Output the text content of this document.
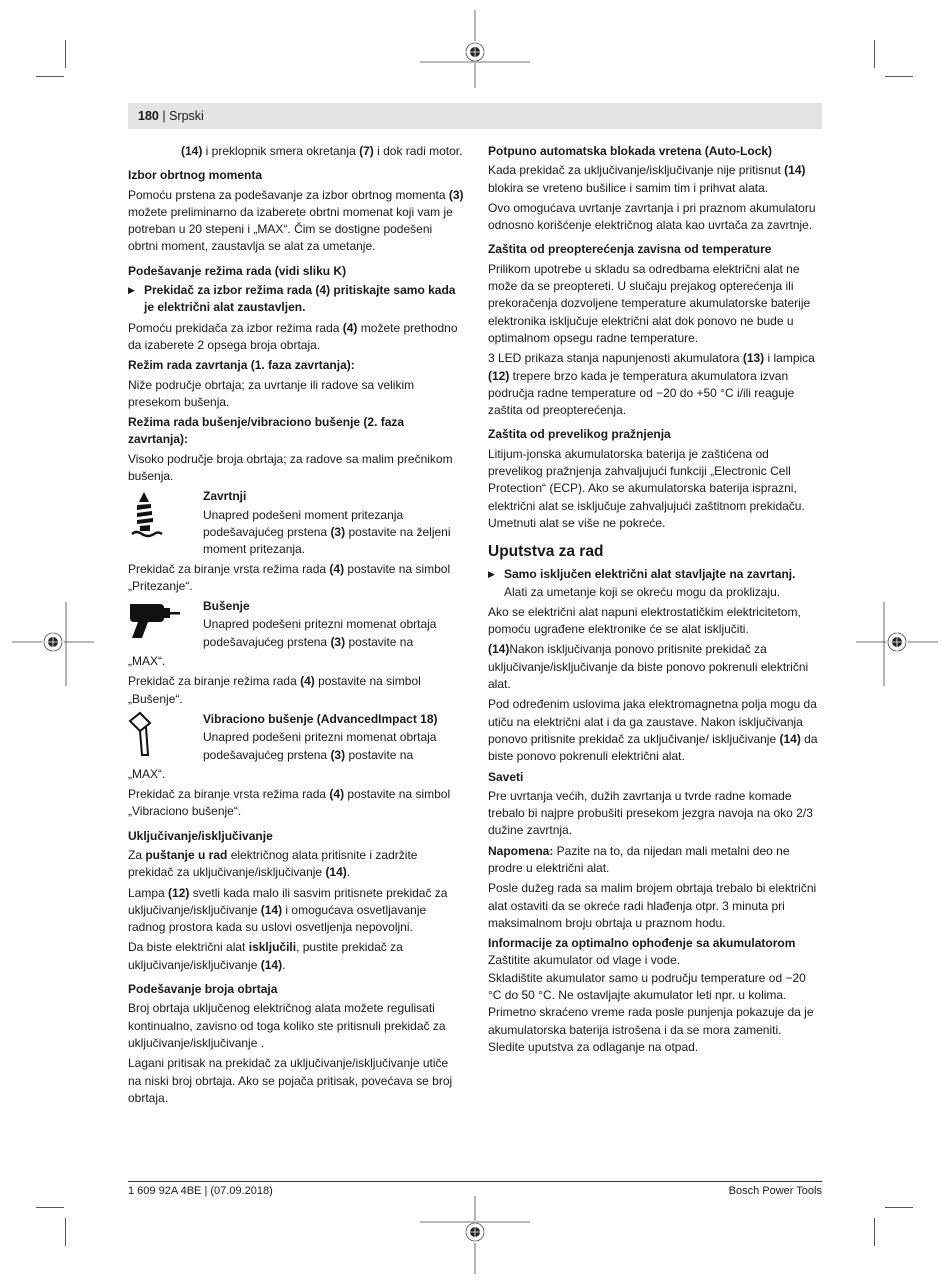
180 | Srpski

(14) i preklopnik smera okretanja (7) i dok radi motor.

Izbor obrtnog momenta

Pomoću prstena za podešavanje za izbor obrtnog momenta (3) možete preliminarno da izaberete obrtni momenat koji vam je potreban u 20 stepeni i „MAX“. Čim se dostigne podešeni obrtni moment, zaustavlja se alat za umetanje.

Podešavanje režima rada (vidi sliku K)

▶ Prekidač za izbor režima rada (4) pritiskajte samo kada je električni alat zaustavljen.

Pomoću prekidača za izbor režima rada (4) možete prethodno da izaberete 2 opsega broja obrtaja.

Režim rada zavrtanja (1. faza zavrtanja):

Niže područje obrtaja; za uvrtanje ili radove sa velikim presekom bušenja.

Režima rada bušenje/vibraciono bušenje (2. faza zavrtanja):

Visoko područje broja obrtaja; za radove sa malim prečnikom bušenja.

Zavrtnji
Unapred podešeni moment pritezanja podešavajućeg prstena (3) postavite na željeni moment pritezanja.

Prekidač za biranje vrsta režima rada (4) postavite na simbol „Pritezanje“.

Bušenje
Unapred podešeni pritezni momenat obrtaja podešavajućeg prstena (3) postavite na

„MAX“.

Prekidač za biranje režima rada (4) postavite na simbol „Bušenje“.

Vibraciono bušenje (AdvancedImpact 18)
Unapred podešeni pritezni momenat obrtaja podešavajućeg prstena (3) postavite na

„MAX“.

Prekidač za biranje vrsta režima rada (4) postavite na simbol „Vibraciono bušenje“.

Uključivanje/isključivanje

Za puštanje u rad električnog alata pritisnite i zadržite prekidač za uključivanje/isključivanje (14).

Lampa (12) svetli kada malo ili sasvim pritisnete prekidač za uključivanje/isključivanje (14) i omogućava osvetljavanje radnog prostora kada su uslovi osvetljenja nepovoljni.

Da biste električni alat isključili, pustite prekidač za uključivanje/isključivanje (14).

Podešavanje broja obrtaja

Broj obrtaja uključenog električnog alata možete regulisati kontinualno, zavisno od toga koliko ste pritisnuli prekidač za uključivanje/isključivanje .

Lagani pritisak na prekidač za uključivanje/isključivanje utiče na niski broj obrtaja. Ako se pojača pritisak, povećava se broj obrtaja.

Potpuno automatska blokada vretena (Auto-Lock)

Kada prekidač za uključivanje/isključivanje nije pritisnut (14) blokira se vreteno bušilice i samim tim i prihvat alata.

Ovo omogućava uvrtanje zavrtanja i pri praznom akumulatoru odnosno korišćenje električnog alata kao uvrtača za zavrtnje.

Zaštita od preopterećenja zavisna od temperature

Prilikom upotrebe u skladu sa odredbama električni alat ne može da se preoptereti. U slučaju prejakog opterećenja ili prekoračenja dozvoljene temperature akumulatorske baterije elektronika isključuje električni alat dok ponovo ne bude u optimalnom opsegu radne temperature.

3 LED prikaza stanja napunjenosti akumulatora (13) i lampica (12) trepere brzo kada je temperatura akumulatora izvan područja radne temperature od −20 do +50 °C i/ili reaguje zaštita od preopterećenja.

Zaštita od prevelikog pražnjenja

Litijum-jonska akumulatorska baterija je zaštićena od prevelikog pražnjenja zahvaljujući funkciji „Electronic Cell Protection“ (ECP). Ako se akumulatorska baterija isprazni, električni alat se isključuje zahvaljujući zaštitnom prekidaču. Umetnuti alat se više ne pokreće.

Uputstva za rad

▶ Samo isključen električni alat stavljajte na zavrtanj.
Alati za umetanje koji se okreću mogu da proklizaju.

Ako se električni alat napuni elektrostatičkim elektricitetom, pomoću ugrađene elektronike će se alat isključiti.

(14)Nakon isključivanja ponovo pritisnite prekidač za uključivanje/isključivanje da biste ponovo pokrenuli električni alat.

Pod određenim uslovima jaka elektromagnetna polja mogu da utiču na električni alat i da ga zaustave. Nakon isključivanja ponovo pritisnite prekidač za uključivanje/ isključivanje (14) da biste ponovo pokrenuli električni alat.

Saveti

Pre uvrtanja većih, dužih zavrtanja u tvrde radne komade trebalo bi najpre probušiti presekom jezgra navoja na oko 2/3 dužine zavrtnja.

Napomena: Pazite na to, da nijedan mali metalni deo ne prodre u električni alat.

Posle dužeg rada sa malim brojem obrtaja trebalo bi električni alat ostaviti da se okreće radi hlađenja otpr. 3 minuta pri maksimalnom broju obrtaja u praznom hodu.

Informacije za optimalno ophođenje sa akumulatorom

Zaštitite akumulator od vlage i vode.

Skladištite akumulator samo u području temperature od −20 °C do 50 °C. Ne ostavljajte akumulator leti npr. u kolima.

Primetno skraćeno vreme rada posle punjenja pokazuje da je akumulatorska baterija istrošena i da se mora zameniti.

Sledite uputstva za odlaganje na otpad.

1 609 92A 4BE | (07.09.2018)	Bosch Power Tools
